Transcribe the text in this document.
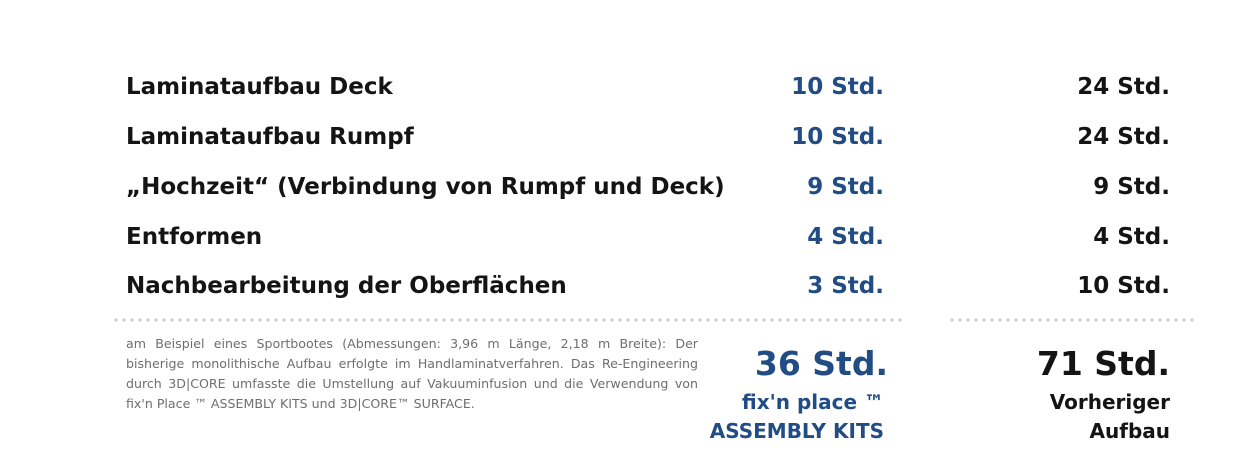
Laminataufbau Deck	10 Std.	24 Std.
Laminataufbau Rumpf	10 Std.	24 Std.
„Hochzeit“ (Verbindung von Rumpf und Deck)	9 Std.	9 Std.
Entformen	4 Std.	4 Std.
Nachbearbeitung der Oberflächen	3 Std.	10 Std.

am Beispiel eines Sportbootes (Abmessungen: 3,96 m Länge, 2,18 m Breite): Der bisherige monolithische Aufbau erfolgte im Handlaminatverfahren. Das Re-Engineering durch 3D|CORE umfasste die Umstellung auf Vakuuminfusion und die Verwendung von fix'n Place ™ ASSEMBLY KITS und 3D|CORE™ SURFACE.

36 Std.
fix'n place ™
ASSEMBLY KITS
71 Std.
Vorheriger
Aufbau
